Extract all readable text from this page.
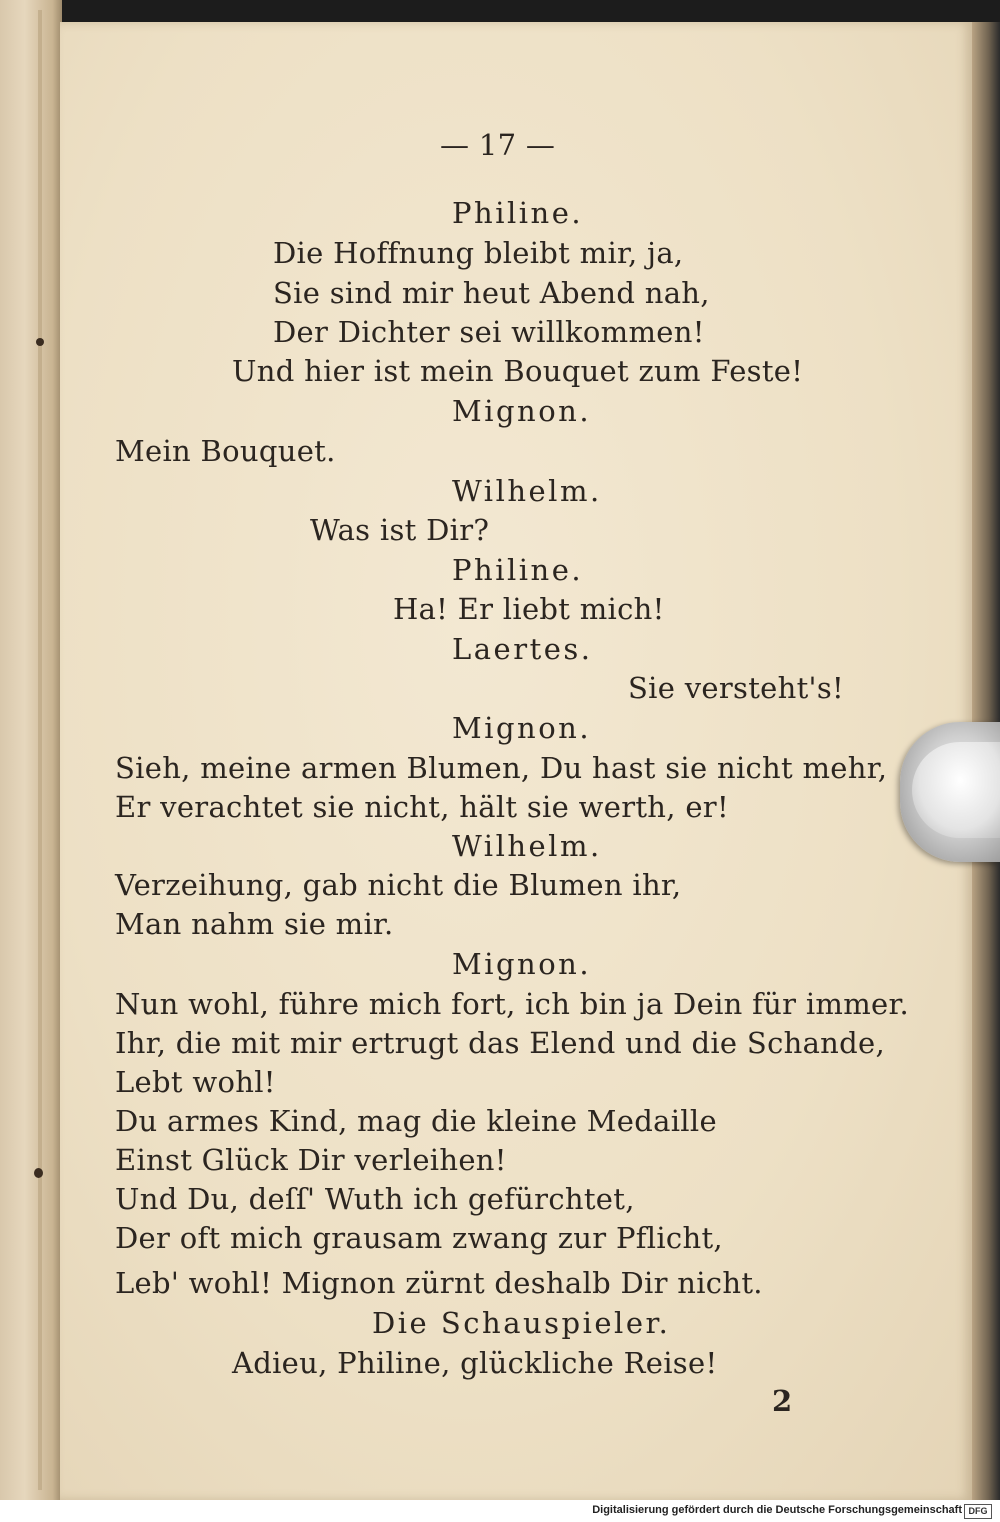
— 17 —
Philine.
Die Hoffnung bleibt mir, ja,
Sie sind mir heut Abend nah,
Der Dichter sei willkommen!
Und hier ist mein Bouquet zum Feste!
Mignon.
Mein Bouquet.
Wilhelm.
Was ist Dir?
Philine.
Ha! Er liebt mich!
Laertes.
Sie versteht's!
Mignon.
Sieh, meine armen Blumen, Du hast sie nicht mehr,
Er verachtet sie nicht, hält sie werth, er!
Wilhelm.
Verzeihung, gab nicht die Blumen ihr,
Man nahm sie mir.
Mignon.
Nun wohl, führe mich fort, ich bin ja Dein für immer.
Ihr, die mit mir ertrugt das Elend und die Schande,
Lebt wohl!
Du armes Kind, mag die kleine Medaille
Einst Glück Dir verleihen!
Und Du, deſſ' Wuth ich gefürchtet,
Der oft mich grausam zwang zur Pflicht,
Leb' wohl! Mignon zürnt deshalb Dir nicht.
Die Schauspieler.
Adieu, Philine, glückliche Reise!
2
Digitalisierung gefördert durch die Deutsche Forschungsgemeinschaft DFG
